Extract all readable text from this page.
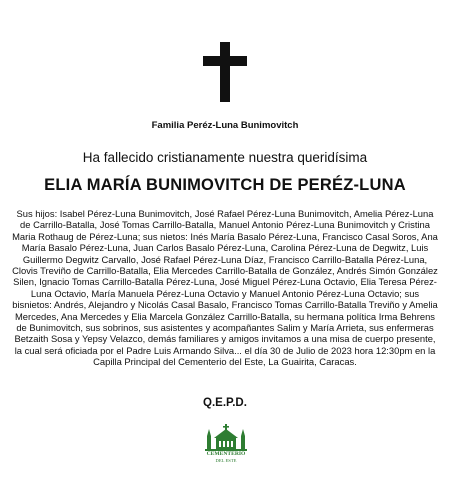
Familia Peréz-Luna Bunimovitch
Ha fallecido cristianamente nuestra queridísima
ELIA MARÍA BUNIMOVITCH DE PERÉZ-LUNA
Sus hijos: Isabel Pérez-Luna Bunimovitch, José Rafael Pérez-Luna Bunimovitch, Amelia Pérez-Luna de Carrillo-Batalla, José Tomas Carrillo-Batalla, Manuel Antonio Pérez-Luna Bunimovitch y Cristina Maria Rothaug de Pérez-Luna; sus nietos: Inés María Basalo Pérez-Luna, Francisco Casal Soros, Ana María Basalo Pérez-Luna, Juan Carlos Basalo Pérez-Luna, Carolina Pérez-Luna de Degwitz, Luis Guillermo Degwitz Carvallo, José Rafael Pérez-Luna Díaz, Francisco Carrillo-Batalla Pérez-Luna, Clovis Treviño de Carrillo-Batalla, Elia Mercedes Carrillo-Batalla de González, Andrés Simón González Silen, Ignacio Tomas Carrillo-Batalla Pérez-Luna, José Miguel Pérez-Luna Octavio, Elia Teresa Pérez-Luna Octavio, María Manuela Pérez-Luna Octavio y Manuel Antonio Pérez-Luna Octavio; sus bisnietos: Andrés, Alejandro y Nicolás Casal Basalo, Francisco Tomas Carrillo-Batalla Treviño y Amelia Mercedes, Ana Mercedes y Elia Marcela González Carrillo-Batalla, su hermana política Irma Behrens de Bunimovitch, sus sobrinos, sus asistentes y acompañantes Salim y María Arrieta, sus enfermeras Betzaith Sosa y Yepsy Velazco, demás familiares y amigos invitamos a una misa de cuerpo presente, la cual será oficiada por el Padre Luis Armando Silva... el día 30 de Julio de 2023 hora 12:30pm en la Capilla Principal del Cementerio del Este, La Guairita, Caracas.
Q.E.P.D.
CEMENTERIO
DEL ESTE
